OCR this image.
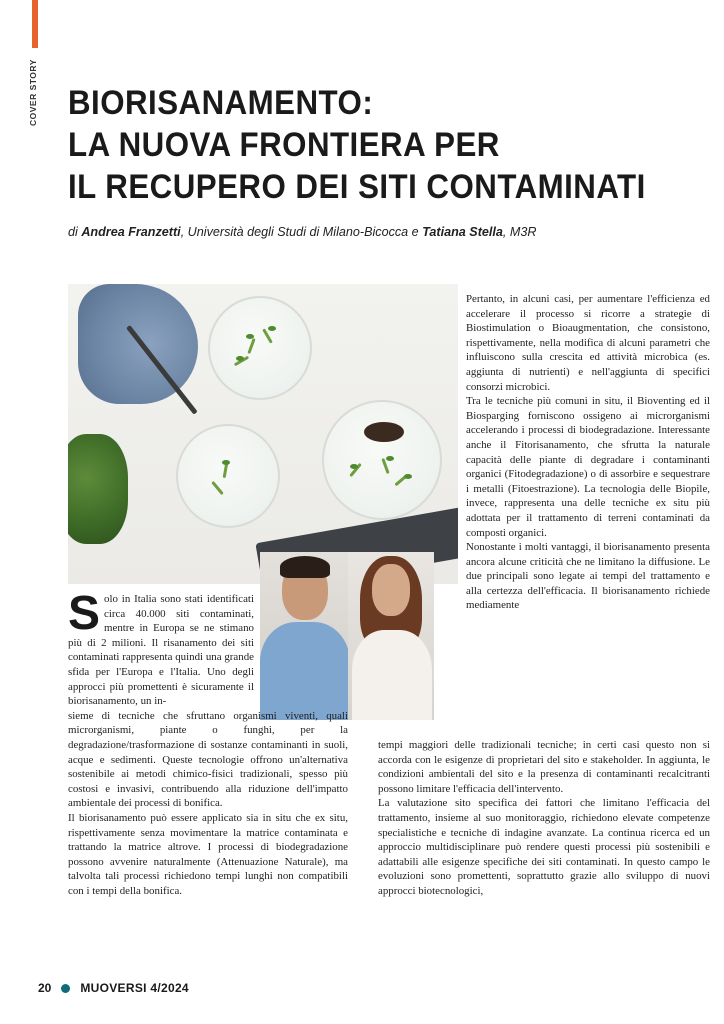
COVER STORY BIORISANAMENTO:
LA NUOVA FRONTIERA PER
IL RECUPERO DEI SITI CONTAMINATI
di Andrea Franzetti, Università degli Studi di Milano-Bicocca e Tatiana Stella, M3R

Solo in Italia sono stati identificati circa 40.000 siti contaminati, mentre in Europa se ne stimano più di 2 milioni. Il risanamento dei siti contaminati rappresenta quindi una grande sfida per l'Europa e l'Italia. Uno degli approcci più promettenti è sicuramente il biorisanamento, un in-

sieme di tecniche che sfruttano organismi viventi, quali microrganismi, piante o funghi, per la degradazione/trasformazione di sostanze contaminanti in suoli, acque e sedimenti. Queste tecnologie offrono un'alternativa sostenibile ai metodi chimico-fisici tradizionali, spesso più costosi e invasivi, contribuendo alla riduzione dell'impatto ambientale dei processi di bonifica.

Il biorisanamento può essere applicato sia in situ che ex situ, rispettivamente senza movimentare la matrice contaminata e trattando la matrice altrove. I processi di biodegradazione possono avvenire naturalmente (Attenuazione Naturale), ma talvolta tali processi richiedono tempi lunghi non compatibili con i tempi della bonifica.

Pertanto, in alcuni casi, per aumentare l'efficienza ed accelerare il processo si ricorre a strategie di Biostimulation o Bioaugmentation, che consistono, rispettivamente, nella modifica di alcuni parametri che influiscono sulla crescita ed attività microbica (es. aggiunta di nutrienti) e nell'aggiunta di specifici consorzi microbici.

Tra le tecniche più comuni in situ, il Bioventing ed il Biosparging forniscono ossigeno ai microrganismi accelerando i processi di biodegradazione. Interessante anche il Fitorisanamento, che sfrutta la naturale capacità delle piante di degradare i contaminanti organici (Fitodegradazione) o di assorbire e sequestrare i metalli (Fitoestrazione). La tecnologia delle Biopile, invece, rappresenta una delle tecniche ex situ più adottata per il trattamento di terreni contaminati da composti organici.

Nonostante i molti vantaggi, il biorisanamento presenta ancora alcune criticità che ne limitano la diffusione. Le due principali sono legate ai tempi del trattamento e alla certezza dell'efficacia. Il biorisanamento richiede mediamente

tempi maggiori delle tradizionali tecniche; in certi casi questo non si accorda con le esigenze di proprietari del sito e stakeholder. In aggiunta, le condizioni ambientali del sito e la presenza di contaminanti recalcitranti possono limitare l'efficacia dell'intervento.

La valutazione sito specifica dei fattori che limitano l'efficacia del trattamento, insieme al suo monitoraggio, richiedono elevate competenze specialistiche e tecniche di indagine avanzate. La continua ricerca ed un approccio multidisciplinare può rendere questi processi più sostenibili e adattabili alle esigenze specifiche dei siti contaminati. In questo campo le evoluzioni sono promettenti, soprattutto grazie allo sviluppo di nuovi approcci biotecnologici,

20 MUOVERSI 4/2024
